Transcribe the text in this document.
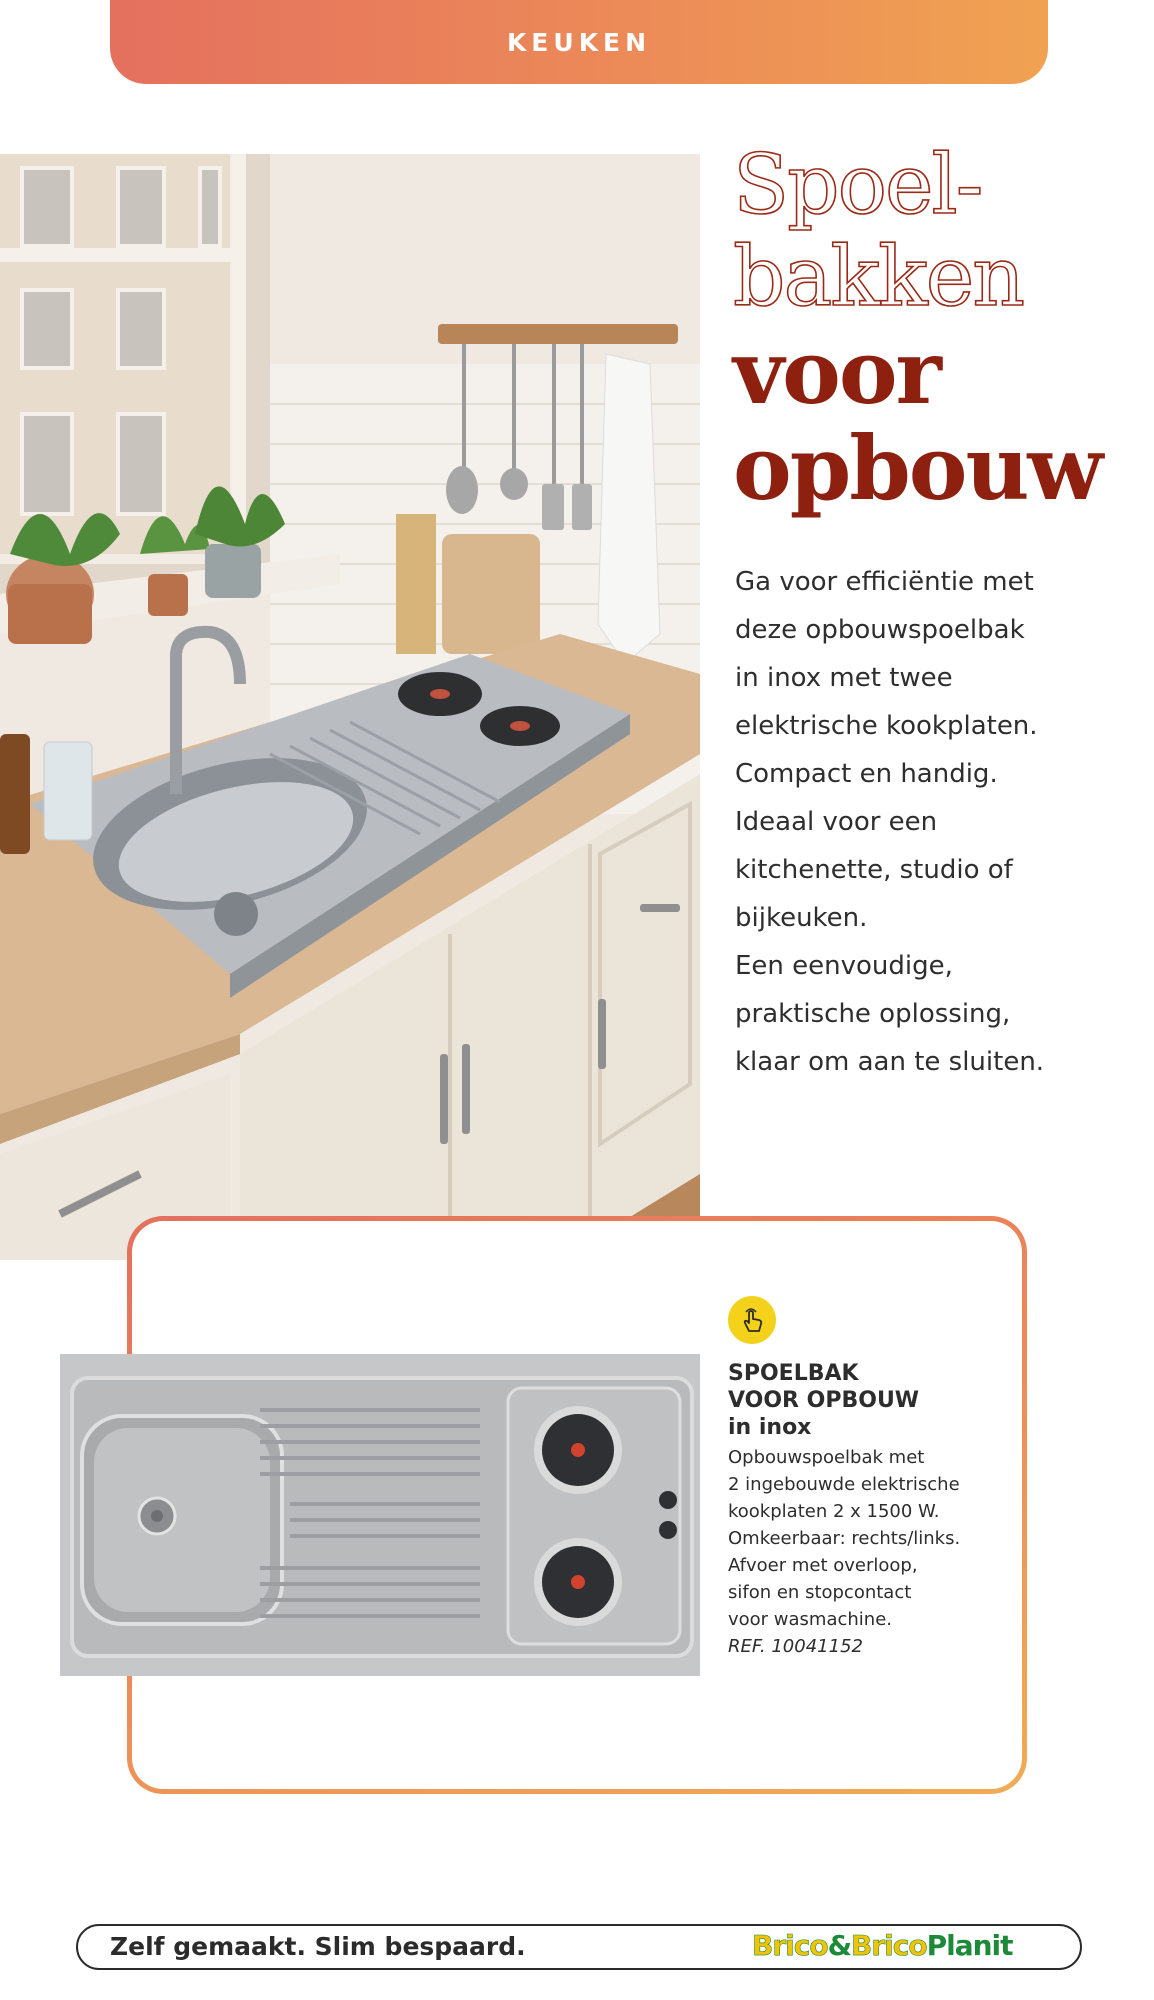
KEUKEN
Spoel-
bakken
voor
opbouw
Ga voor efficiëntie met
deze opbouwspoelbak
in inox met twee
elektrische kookplaten.
Compact en handig.
Ideaal voor een
kitchenette, studio of
bijkeuken.
Een eenvoudige,
praktische oplossing,
klaar om aan te sluiten.
SPOELBAK
VOOR OPBOUW
in inox
Opbouwspoelbak met
2 ingebouwde elektrische
kookplaten 2 x 1500 W.
Omkeerbaar: rechts/links.
Afvoer met overloop,
sifon en stopcontact
voor wasmachine.
REF. 10041152
Zelf gemaakt. Slim bespaard.	Brico&BricoPlanit
